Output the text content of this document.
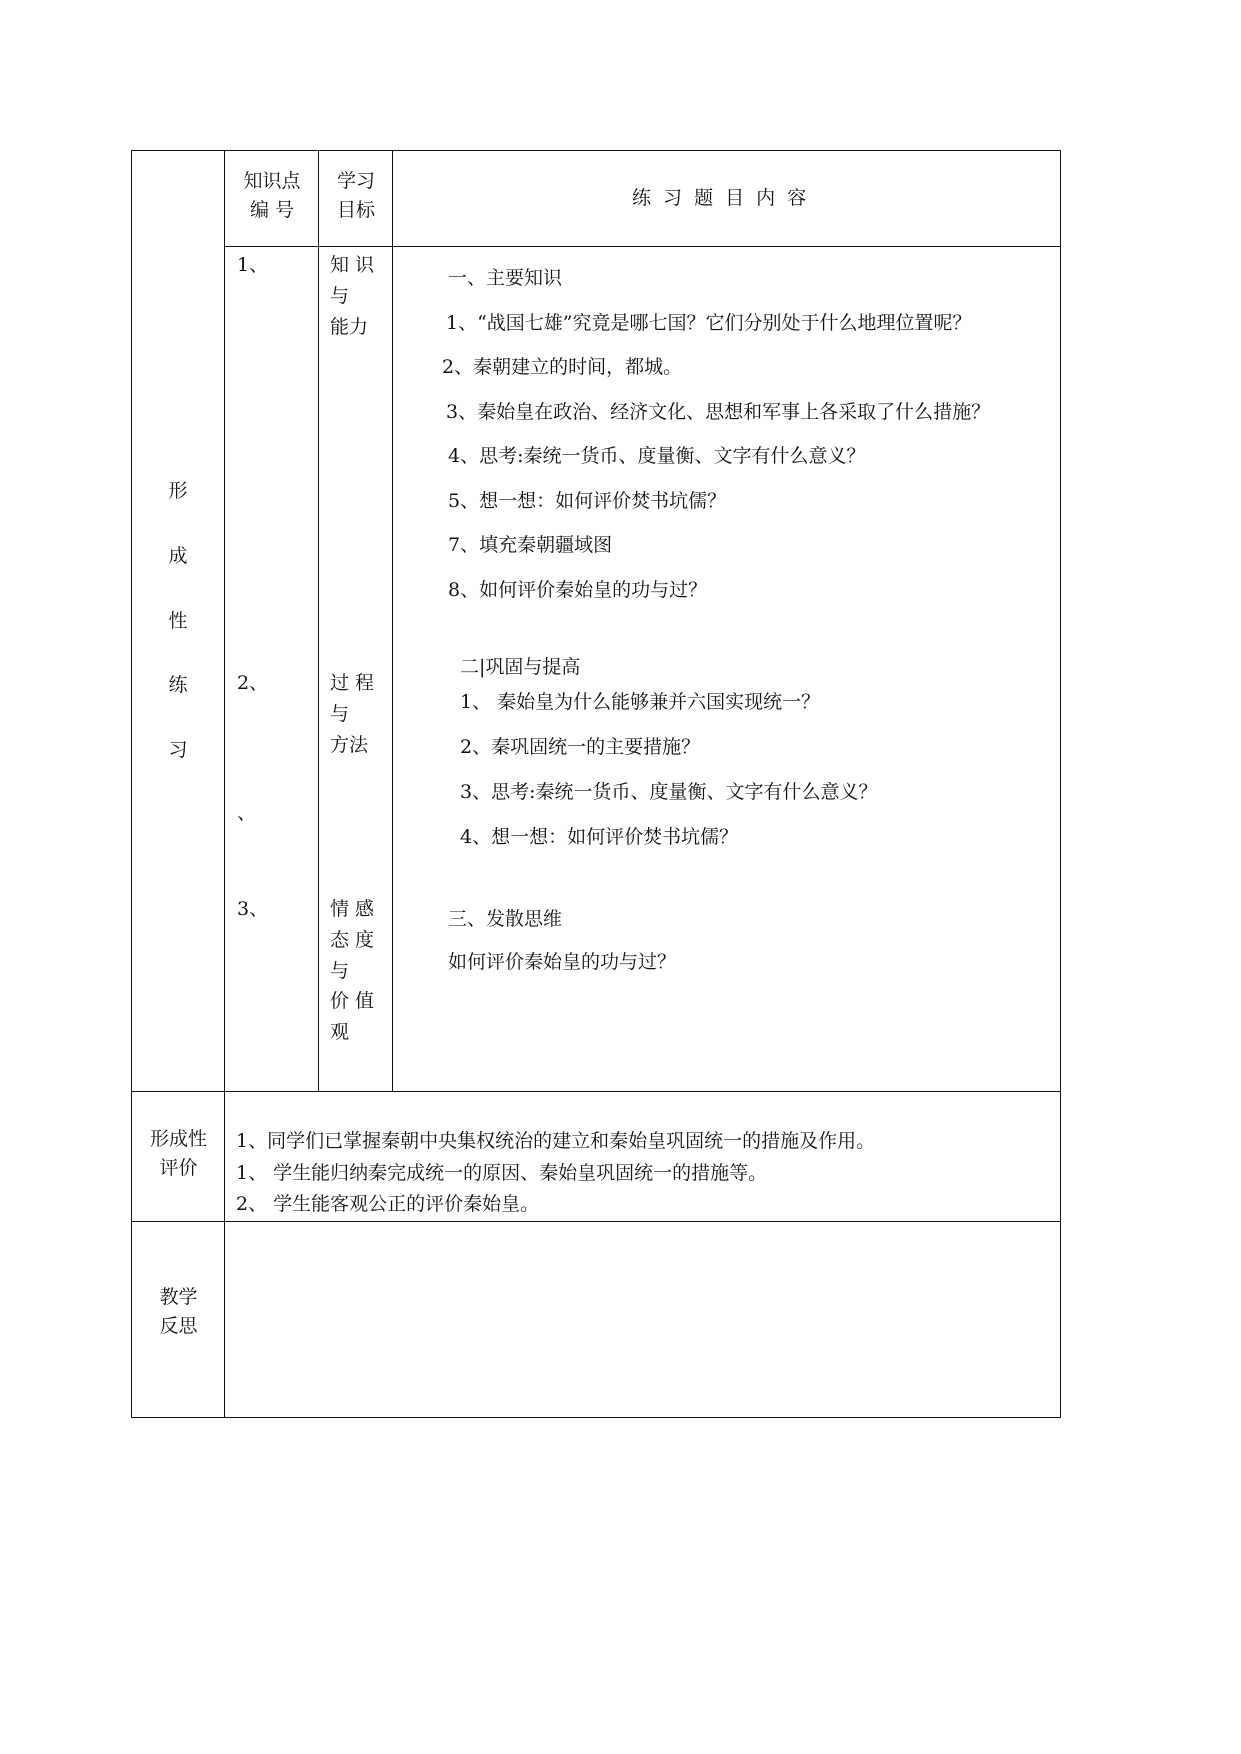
知识点
编 号
学习
目标
练 习 题 目 内 容
形
成
性
练
习
1、
2、
、
3、
知 识
与
能力
过 程
与
方法
情 感
态 度
与
价 值
观
一、主要知识
1、“战国七雄”究竟是哪七国？它们分别处于什么地理位置呢？
2、秦朝建立的时间，都城。
3、秦始皇在政治、经济文化、思想和军事上各采取了什么措施？
4、思考:秦统一货币、度量衡、文字有什么意义？
5、想一想：如何评价焚书坑儒？
7、填充秦朝疆域图
8、如何评价秦始皇的功与过？
二|巩固与提高
1、 秦始皇为什么能够兼并六国实现统一？
2、秦巩固统一的主要措施？
3、思考:秦统一货币、度量衡、文字有什么意义？
4、想一想：如何评价焚书坑儒？
三、发散思维
如何评价秦始皇的功与过？
形成性
评价
1、同学们已掌握秦朝中央集权统治的建立和秦始皇巩固统一的措施及作用。
1、 学生能归纳秦完成统一的原因、秦始皇巩固统一的措施等。
2、 学生能客观公正的评价秦始皇。
教学
反思
